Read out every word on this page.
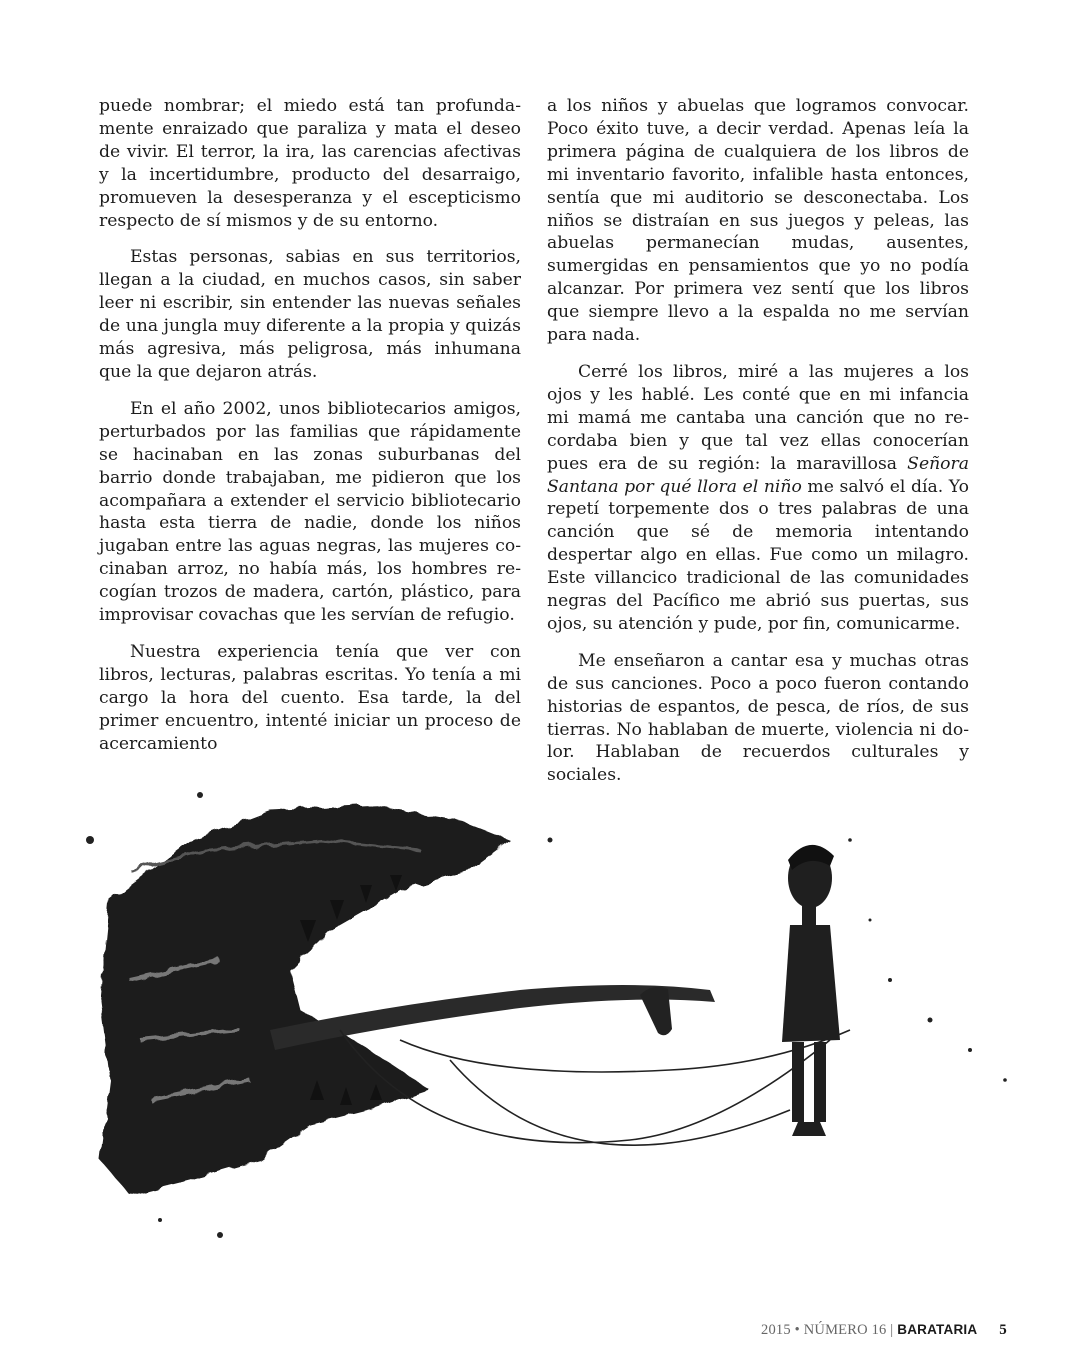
puede nombrar; el miedo está tan profundamente enraizado que paraliza y mata el deseo de vivir. El terror, la ira, las carencias afectivas y la incertidumbre, producto del desarraigo, promueven la desesperanza y el escepticismo respecto de sí mismos y de su entorno.

Estas personas, sabias en sus territorios, llegan a la ciudad, en muchos casos, sin saber leer ni escribir, sin entender las nuevas señales de una jungla muy diferente a la propia y quizás más agresiva, más peligrosa, más inhumana que la que dejaron atrás.

En el año 2002, unos bibliotecarios amigos, perturbados por las familias que rápidamente se hacinaban en las zonas suburbanas del barrio donde trabajaban, me pidieron que los acompañara a extender el servicio bibliotecario hasta esta tierra de nadie, donde los niños jugaban entre las aguas negras, las mujeres cocinaban arroz, no había más, los hombres recogían trozos de madera, cartón, plástico, para improvisar covachas que les servían de refugio.

Nuestra experiencia tenía que ver con libros, lecturas, palabras escritas. Yo tenía a mi cargo la hora del cuento. Esa tarde, la del primer encuentro, intenté iniciar un proceso de acercamiento

a los niños y abuelas que logramos convocar. Poco éxito tuve, a decir verdad. Apenas leía la primera página de cualquiera de los libros de mi inventario favorito, infalible hasta entonces, sentía que mi auditorio se desconectaba. Los niños se distraían en sus juegos y peleas, las abuelas permanecían mudas, ausentes, sumergidas en pensamientos que yo no podía alcanzar. Por primera vez sentí que los libros que siempre llevo a la espalda no me servían para nada.

Cerré los libros, miré a las mujeres a los ojos y les hablé. Les conté que en mi infancia mi mamá me cantaba una canción que no recordaba bien y que tal vez ellas conocerían pues era de su región: la maravillosa Señora Santana por qué llora el niño me salvó el día. Yo repetí torpemente dos o tres palabras de una canción que sé de memoria intentando despertar algo en ellas. Fue como un milagro. Este villancico tradicional de las comunidades negras del Pacífico me abrió sus puertas, sus ojos, su atención y pude, por fin, comunicarme.

Me enseñaron a cantar esa y muchas otras de sus canciones. Poco a poco fueron contando historias de espantos, de pesca, de ríos, de sus tierras. No hablaban de muerte, violencia ni dolor. Hablaban de recuerdos culturales y sociales.

2015 • NÚMERO 16 | BARATARIA 5
